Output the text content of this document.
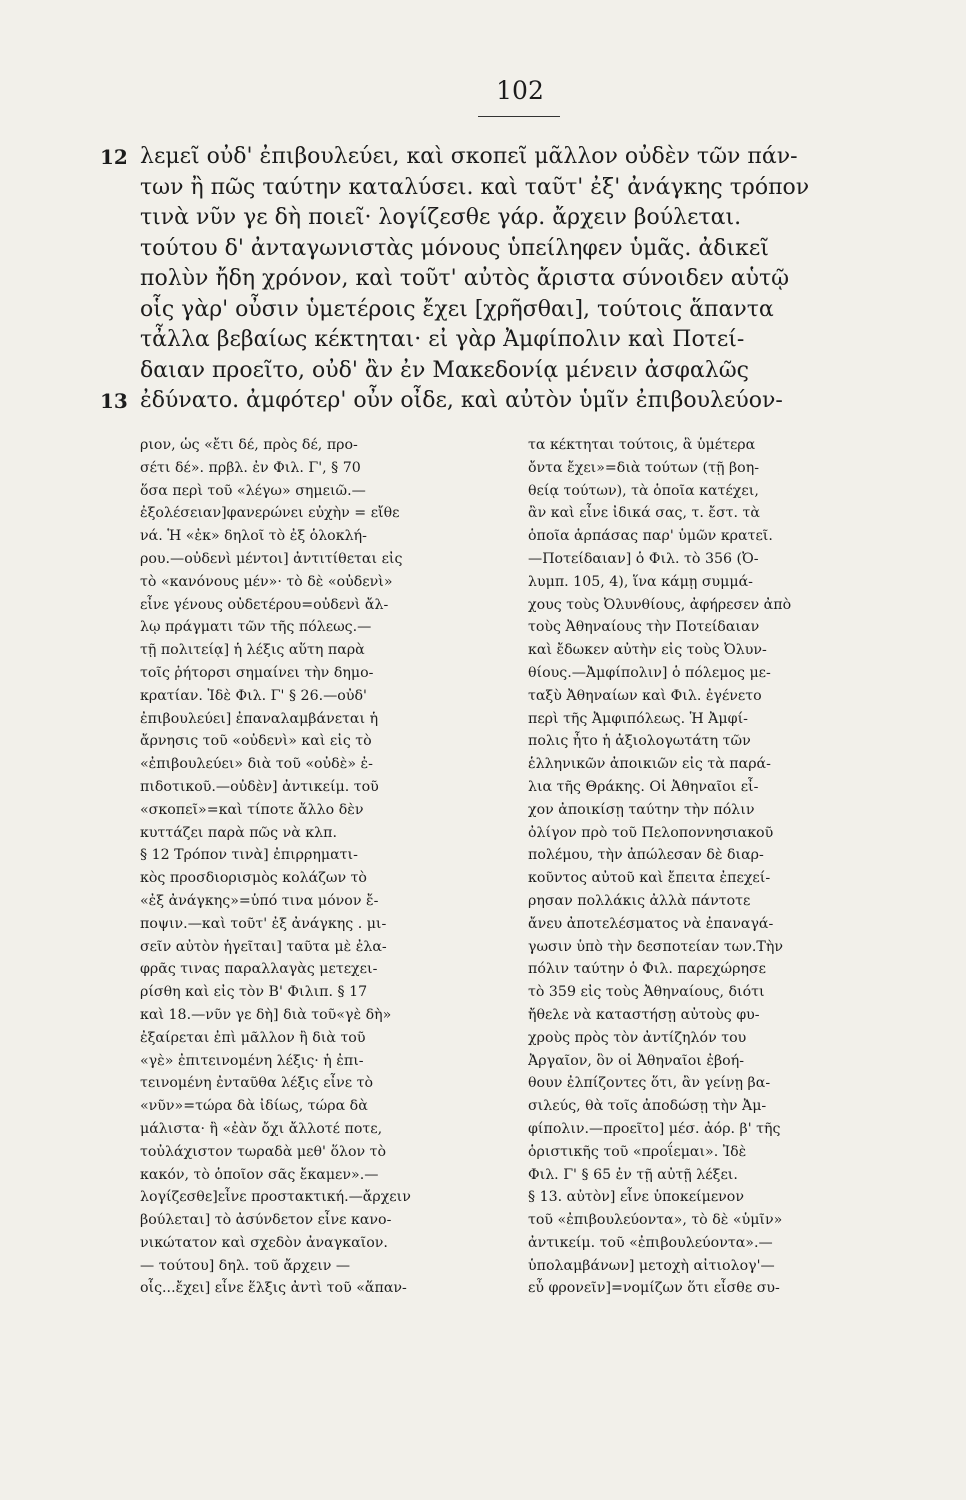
102
12 λεμεῖ οὐδ' ἐπιβουλεύει, καὶ σκοπεῖ μᾶλλον οὐδὲν τῶν πάν-
των ἢ πῶς ταύτην καταλύσει. καὶ ταῦτ' ἐξ' ἀνάγκης τρόπον
τινὰ νῦν γε δὴ ποιεῖ· λογίζεσθε γάρ. ἄρχειν βούλεται.
τούτου δ' ἀνταγωνιστὰς μόνους ὑπείληφεν ὑμᾶς. ἀδικεῖ
πολὺν ἤδη χρόνον, καὶ τοῦτ' αὐτὸς ἄριστα σύνοιδεν αὑτῷ
οἷς γὰρ' οὖσιν ὑμετέροις ἔχει [χρῆσθαι], τούτοις ἅπαντα
τἆλλα βεβαίως κέκτηται· εἰ γὰρ Ἀμφίπολιν καὶ Ποτεί-
δαιαν προεῖτο, οὐδ' ἂν ἐν Μακεδονίᾳ μένειν ἀσφαλῶς
13 ἐδύνατο. ἀμφότερ' οὖν οἶδε, καὶ αὐτὸν ὑμῖν ἐπιβουλεύον-
ριον, ὡς «ἔτι δέ, πρὸς δέ, προ-
σέτι δέ». πρβλ. ἐν Φιλ. Γ', § 70
ὅσα περὶ τοῦ «λέγω» σημειῶ.—
ἐξολέσειαν]φανερώνει εὐχὴν = εἴθε
νά. Ἡ «ἐκ» δηλοῖ τὸ ἐξ ὁλοκλή-
ρου.—οὐδενὶ μέντοι] ἀντιτίθεται εἰς
τὸ «κανόνους μέν»· τὸ δὲ «οὐδενὶ»
εἶνε γένους οὐδετέρου=οὐδενὶ ἄλ-
λῳ πράγματι τῶν τῆς πόλεως.—
τῇ πολιτείᾳ] ἡ λέξις αὕτη παρὰ
τοῖς ῥήτορσι σημαίνει τὴν δημο-
κρατίαν. Ἰδὲ Φιλ. Γ' § 26.—οὐδ'
ἐπιβουλεύει] ἐπαναλαμβάνεται ἡ
ἄρνησις τοῦ «οὐδενὶ» καὶ εἰς τὸ
«ἐπιβουλεύει» διὰ τοῦ «οὐδὲ» ἐ-
πιδοτικοῦ.—οὐδὲν] ἀντικείμ. τοῦ
«σκοπεῖ»=καὶ τίποτε ἄλλο δὲν
κυττάζει παρὰ πῶς νὰ κλπ.
§ 12 Τρόπον τινὰ] ἐπιρρηματι-
κὸς προσδιορισμὸς κολάζων τὸ
«ἐξ ἀνάγκης»=ὑπό τινα μόνον ἔ-
ποψιν.—καὶ τοῦτ' ἐξ ἀνάγκης . μι-
σεῖν αὐτὸν ἡγεῖται] ταῦτα μὲ ἐλα-
φρᾶς τινας παραλλαγὰς μετεχει-
ρίσθη καὶ εἰς τὸν Β' Φιλιπ. § 17
καὶ 18.—νῦν γε δὴ] διὰ τοῦ«γὲ δὴ»
ἐξαίρεται ἐπὶ μᾶλλον ἢ διὰ τοῦ
«γὲ» ἐπιτεινομένη λέξις· ἡ ἐπι-
τεινομένη ἐνταῦθα λέξις εἶνε τὸ
«νῦν»=τώρα δὰ ἰδίως, τώρα δὰ
μάλιστα· ἢ «ἐὰν ὄχι ἄλλοτέ ποτε,
τοὐλάχιστον τωραδὰ μεθ' ὅλον τὸ
κακόν, τὸ ὁποῖον σᾶς ἔκαμεν».—
λογίζεσθε]εἶνε προστακτική.—ἄρχειν
βούλεται] τὸ ἀσύνδετον εἶνε κανο-
νικώτατον καὶ σχεδὸν ἀναγκαῖον.
— τούτου] δηλ. τοῦ ἄρχειν —
οἷς...ἔχει] εἶνε ἕλξις ἀντὶ τοῦ «ἅπαν-
τα κέκτηται τούτοις, ἃ ὑμέτερα
ὄντα ἔχει»=διὰ τούτων (τῇ βοη-
θείᾳ τούτων), τὰ ὁποῖα κατέχει,
ἂν καὶ εἶνε ἰδικά σας, τ. ἔστ. τὰ
ὁποῖα ἁρπάσας παρ' ὑμῶν κρατεῖ.
—Ποτείδαιαν] ὁ Φιλ. τὸ 356 (Ὀ-
λυμπ. 105, 4), ἵνα κάμῃ συμμά-
χους τοὺς Ὀλυνθίους, ἀφήρεσεν ἀπὸ
τοὺς Ἀθηναίους τὴν Ποτείδαιαν
καὶ ἔδωκεν αὐτὴν εἰς τοὺς Ὀλυν-
θίους.—Ἀμφίπολιν] ὁ πόλεμος με-
ταξὺ Ἀθηναίων καὶ Φιλ. ἐγένετο
περὶ τῆς Ἀμφιπόλεως. Ἡ Ἀμφί-
πολις ἦτο ἡ ἀξιολογωτάτη τῶν
ἑλληνικῶν ἀποικιῶν εἰς τὰ παρά-
λια τῆς Θράκης. Οἱ Ἀθηναῖοι εἶ-
χον ἀποικίσῃ ταύτην τὴν πόλιν
ὀλίγον πρὸ τοῦ Πελοποννησιακοῦ
πολέμου, τὴν ἀπώλεσαν δὲ διαρ-
κοῦντος αὐτοῦ καὶ ἔπειτα ἐπεχεί-
ρησαν πολλάκις ἀλλὰ πάντοτε
ἄνευ ἀποτελέσματος νὰ ἐπαναγά-
γωσιν ὑπὸ τὴν δεσποτείαν των.Τὴν
πόλιν ταύτην ὁ Φιλ. παρεχώρησε
τὸ 359 εἰς τοὺς Ἀθηναίους, διότι
ἤθελε νὰ καταστήσῃ αὐτοὺς φυ-
χροὺς πρὸς τὸν ἀντίζηλόν του
Ἀργαῖον, ὃν οἱ Ἀθηναῖοι ἐβοή-
θουν ἐλπίζοντες ὅτι, ἂν γείνῃ βα-
σιλεύς, θὰ τοῖς ἀποδώσῃ τὴν Ἀμ-
φίπολιν.—προεῖτο] μέσ. ἀόρ. β' τῆς
ὁριστικῆς τοῦ «προΐεμαι». Ἰδὲ
Φιλ. Γ' § 65 ἐν τῇ αὐτῇ λέξει.
§ 13. αὐτὸν] εἶνε ὑποκείμενον
τοῦ «ἐπιβουλεύοντα», τὸ δὲ «ὑμῖν»
ἀντικείμ. τοῦ «ἐπιβουλεύοντα».—
ὑπολαμβάνων] μετοχὴ αἰτιολογ'—
εὖ φρονεῖν]=νομίζων ὅτι εἶσθε συ-
